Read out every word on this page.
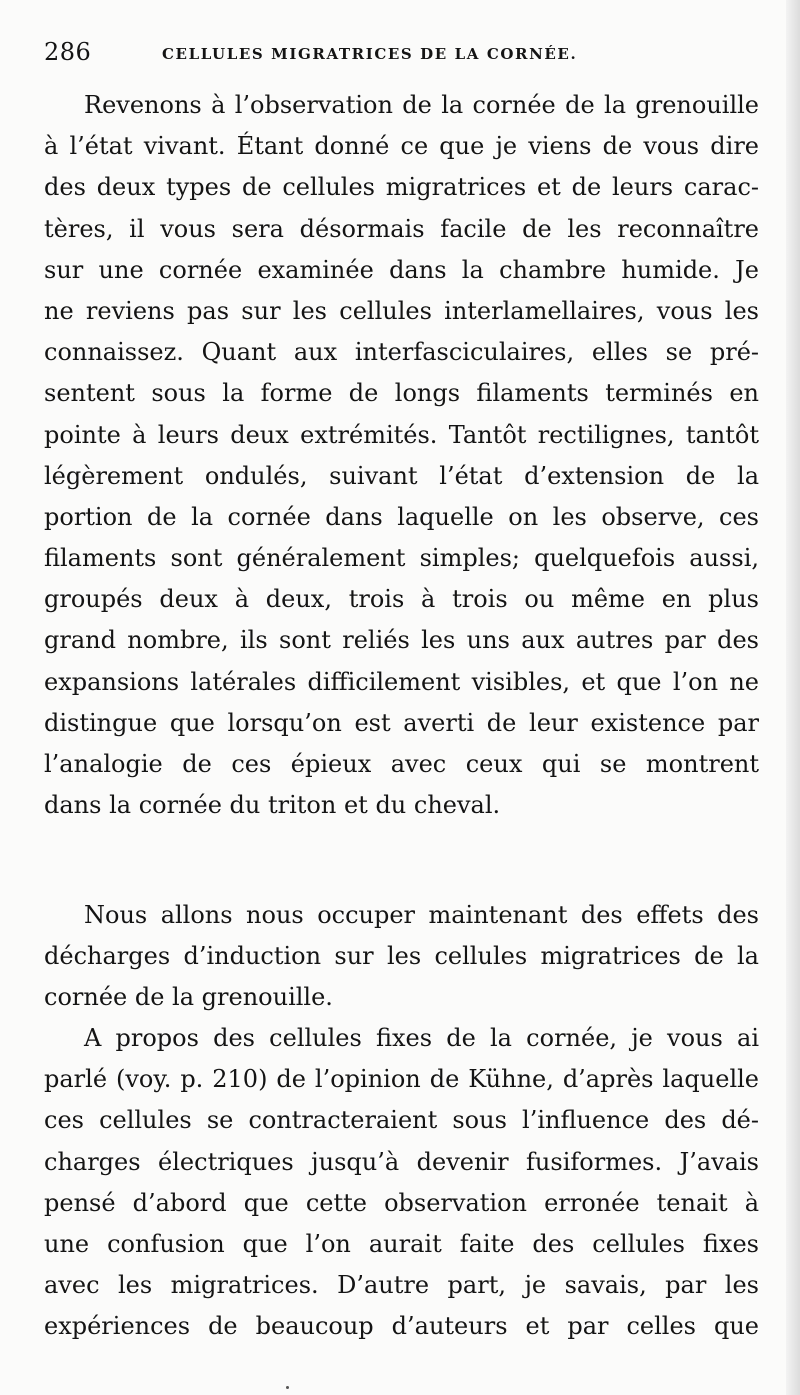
286	CELLULES MIGRATRICES DE LA CORNÉE.
Revenons à l’observation de la cornée de la grenouille
à l’état vivant. Étant donné ce que je viens de vous dire
des deux types de cellules migratrices et de leurs carac-
tères, il vous sera désormais facile de les reconnaître
sur une cornée examinée dans la chambre humide. Je
ne reviens pas sur les cellules interlamellaires, vous les
connaissez. Quant aux interfasciculaires, elles se pré-
sentent sous la forme de longs filaments terminés en
pointe à leurs deux extrémités. Tantôt rectilignes, tantôt
légèrement ondulés, suivant l’état d’extension de la
portion de la cornée dans laquelle on les observe, ces
filaments sont généralement simples; quelquefois aussi,
groupés deux à deux, trois à trois ou même en plus
grand nombre, ils sont reliés les uns aux autres par des
expansions latérales difficilement visibles, et que l’on ne
distingue que lorsqu’on est averti de leur existence par
l’analogie de ces épieux avec ceux qui se montrent
dans la cornée du triton et du cheval.
Nous allons nous occuper maintenant des effets des
décharges d’induction sur les cellules migratrices de la
cornée de la grenouille.
A propos des cellules fixes de la cornée, je vous ai
parlé (voy. p. 210) de l’opinion de Kühne, d’après laquelle
ces cellules se contracteraient sous l’influence des dé-
charges électriques jusqu’à devenir fusiformes. J’avais
pensé d’abord que cette observation erronée tenait à
une confusion que l’on aurait faite des cellules fixes
avec les migratrices. D’autre part, je savais, par les
expériences de beaucoup d’auteurs et par celles que
